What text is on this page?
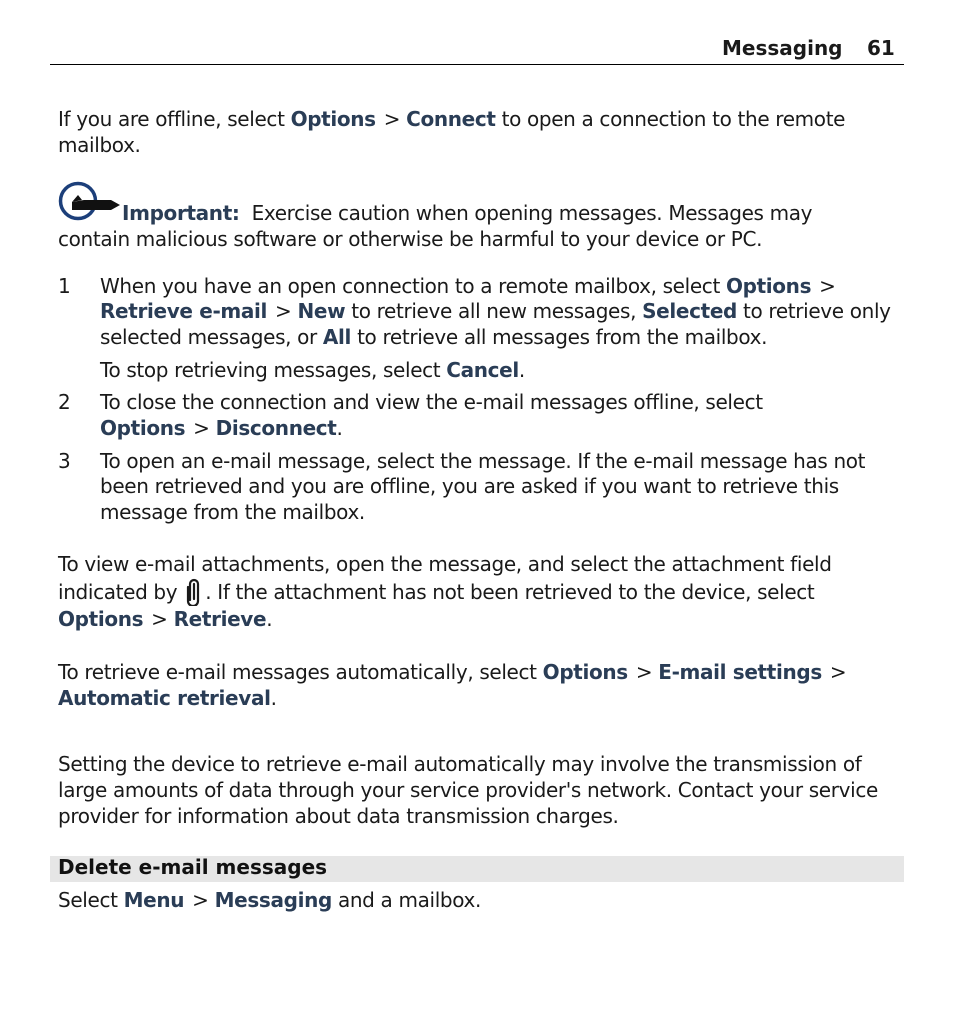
Messaging 61
If you are offline, select Options > Connect to open a connection to the remote
mailbox.
Important: Exercise caution when opening messages. Messages may
contain malicious software or otherwise be harmful to your device or PC.
1 When you have an open connection to a remote mailbox, select Options >
Retrieve e-mail > New to retrieve all new messages, Selected to retrieve only
selected messages, or All to retrieve all messages from the mailbox.
To stop retrieving messages, select Cancel.
2 To close the connection and view the e-mail messages offline, select
Options > Disconnect.
3 To open an e-mail message, select the message. If the e-mail message has not
been retrieved and you are offline, you are asked if you want to retrieve this
message from the mailbox.
To view e-mail attachments, open the message, and select the attachment field
indicated by . If the attachment has not been retrieved to the device, select
Options > Retrieve.
To retrieve e-mail messages automatically, select Options > E-mail settings >
Automatic retrieval.
Setting the device to retrieve e-mail automatically may involve the transmission of
large amounts of data through your service provider's network. Contact your service
provider for information about data transmission charges.
Delete e-mail messages
Select Menu > Messaging and a mailbox.
